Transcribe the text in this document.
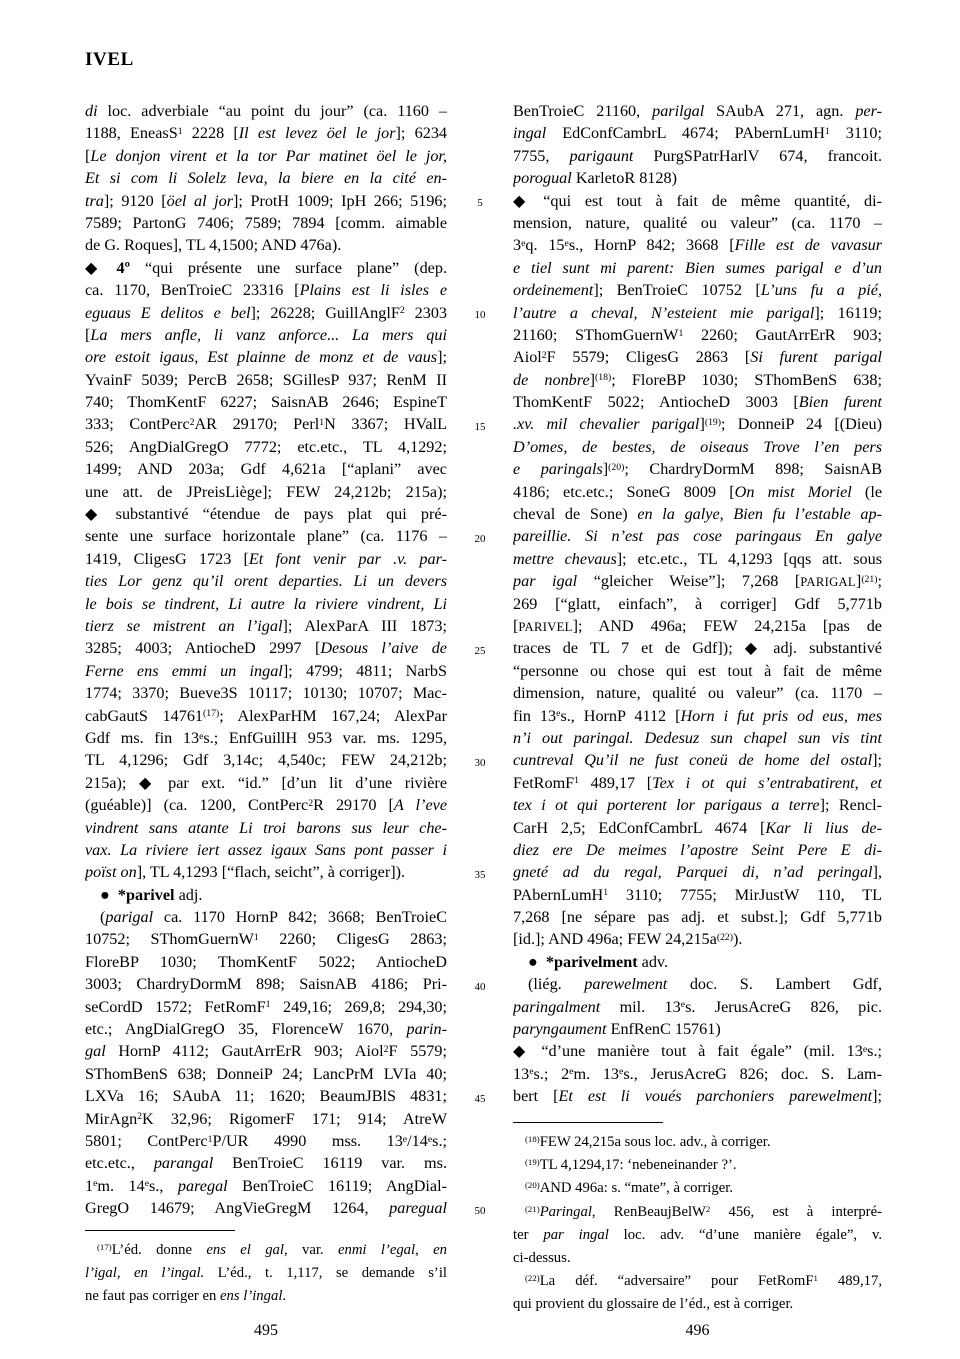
IVEL
di loc. adverbiale “au point du jour” (ca. 1160 –
1188, EneasS$^1$ 2228 [Il est levez öel le jor]; 6234
[Le donjon virent et la tor Par matinet öel le jor,
Et si com li Solelz leva, la biere en la cité en-
tra]; 9120 [öel al jor]; ProtH 1009; IpH 266; 5196;
7589; PartonG 7406; 7589; 7894 [comm. aimable
de G. Roques], TL 4,1500; AND 476a).
◆ 4º “qui présente une surface plane” (dep.
ca. 1170, BenTroieC 23316 [Plains est li isles e
eguaus E delitos e bel]; 26228; GuillAnglF$^2$ 2303
[La mers anfle, li vanz anforce... La mers qui
ore estoit igaus, Est plainne de monz et de vaus];
YvainF 5039; PercB 2658; SGillesP 937; RenM II
740; ThomKentF 6227; SaisnAB 2646; EspineT
333; ContPerc$^2$AR 29170; Perl$^1$N 3367; HValL
526; AngDialGregO 7772; etc.etc., TL 4,1292;
1499; AND 203a; Gdf 4,621a [“aplani” avec
une att. de JPreisLiège]; FEW 24,212b; 215a);
◆ substantivé “étendue de pays plat qui pré-
sente une surface horizontale plane” (ca. 1176 –
1419, CligesG 1723 [Et font venir par .v. par-
ties Lor genz qu’il orent departies. Li un devers
le bois se tindrent, Li autre la riviere vindrent, Li
tierz se mistrent an l’igal]; AlexParA III 1873;
3285; 4003; AntiocheD 2997 [Desous l’aive de
Ferne ens emmi un ingal]; 4799; 4811; NarbS
1774; 3370; Bueve3S 10117; 10130; 10707; Mac-
cabGautS 14761$^{(17)}$; AlexParHM 167,24; AlexPar
Gdf ms. fin 13es.; EnfGuillH 953 var. ms. 1295,
TL 4,1296; Gdf 3,14c; 4,540c; FEW 24,212b;
215a); ◆ par ext. “id.” [d’un lit d’une rivière
(guéable)] (ca. 1200, ContPerc$^2$R 29170 [A l’eve
vindrent sans atante Li troi barons sus leur che-
vax. La riviere iert assez igaux Sans pont passer i
poïst on], TL 4,1293 [“flach, seicht”, à corriger]).
● *parivel adj.
(parigal ca. 1170 HornP 842; 3668; BenTroieC
10752; SThomGuernW$^1$ 2260; CligesG 2863;
FloreBP 1030; ThomKentF 5022; AntiocheD
3003; ChardryDormM 898; SaisnAB 4186; Pri-
seCordD 1572; FetRomF$^1$ 249,16; 269,8; 294,30;
etc.; AngDialGregO 35, FlorenceW 1670, parin-
gal HornP 4112; GautArrErR 903; Aiol$^2$F 5579;
SThomBenS 638; DonneiP 24; LancPrM LVIa 40;
LXVa 16; SAubA 11; 1620; BeaumJBlS 4831;
MirAgn$^2$K 32,96; RigomerF 171; 914; AtreW
5801; ContPerc$^1$P/UR 4990 mss. 13e/14es.;
etc.etc., parangal BenTroieC 16119 var. ms.
1em. 14es., paregal BenTroieC 16119; AngDial-
GregO 14679; AngVieGregM 1264, paregual
5
10
15
20
25
30
35
40
45
50
BenTroieC 21160, parilgal SAubA 271, agn. per-
ingal EdConfCambrL 4674; PAbernLumH$^1$ 3110;
7755, parigaunt PurgSPatrHarlV 674, francoit.
porogual KarletoR 8128)
◆ “qui est tout à fait de même quantité, di-
mension, nature, qualité ou valeur” (ca. 1170 –
3eq. 15es., HornP 842; 3668 [Fille est de vavasur
e tiel sunt mi parent: Bien sumes parigal e d’un
ordeinement]; BenTroieC 10752 [L’uns fu a pié,
l’autre a cheval, N’esteient mie parigal]; 16119;
21160; SThomGuernW$^1$ 2260; GautArrErR 903;
Aiol$^2$F 5579; CligesG 2863 [Si furent parigal
de nonbre]$^{(18)}$; FloreBP 1030; SThomBenS 638;
ThomKentF 5022; AntiocheD 3003 [Bien furent
.xv. mil chevalier parigal]$^{(19)}$; DonneiP 24 [(Dieu)
D’omes, de bestes, de oiseaus Trove l’en pers
e paringals]$^{(20)}$; ChardryDormM 898; SaisnAB
4186; etc.etc.; SoneG 8009 [On mist Moriel (le
cheval de Sone) en la galye, Bien fu l’estable ap-
pareillie. Si n’est pas cose paringaus En galye
mettre chevaus]; etc.etc., TL 4,1293 [qqs att. sous
par igal “gleicher Weise”]; 7,268 [PARIGAL]$^{(21)}$;
269 [“glatt, einfach”, à corriger] Gdf 5,771b
[PARIVEL]; AND 496a; FEW 24,215a [pas de
traces de TL 7 et de Gdf]); ◆ adj. substantivé
“personne ou chose qui est tout à fait de même
dimension, nature, qualité ou valeur” (ca. 1170 –
fin 13es., HornP 4112 [Horn i fut pris od eus, mes
n’i out paringal. Dedesuz sun chapel sun vis tint
cuntreval Qu’il ne fust coneü de home del ostal];
FetRomF$^1$ 489,17 [Tex i ot qui s’entrabatirent, et
tex i ot qui porterent lor parigaus a terre]; Rencl-
CarH 2,5; EdConfCambrL 4674 [Kar li lius de-
diez ere De meimes l’apostre Seint Pere E di-
gneté ad du regal, Parquei di, n’ad peringal],
PAbernLumH$^1$ 3110; 7755; MirJustW 110, TL
7,268 [ne sépare pas adj. et subst.]; Gdf 5,771b
[id.]; AND 496a; FEW $24,215a^{(22)}$).
● *parivelment adv.
(liég. parewelment doc. S. Lambert Gdf,
paringalment mil. 13es. JerusAcreG 826, pic.
paryngaument EnfRenC 15761)
◆ “d’une manière tout à fait égale” (mil. 13es.;
13es.; 2em. 13es., JerusAcreG 826; doc. S. Lam-
bert [Et est li voués parchoniers parewelment];
$^{(17)}$L’éd. donne ens el gal, var. enmi l’egal, en
l’igal, en l’ingal. L’éd., t. 1,117, se demande s’il
ne faut pas corriger en ens l’ingal.
$^{(18)}$FEW 24,215a sous loc. adv., à corriger.
$^{(19)}$TL 4,1294,17: ‘nebeneinander ?’.
$^{(20)}$AND 496a: s. “mate”, à corriger.
$^{(21)}$Paringal, RenBeaujBelW$^2$ 456, est à interpré-
ter par ingal loc. adv. “d’une manière égale”, v.
ci-dessus.
$^{(22)}$La déf. “adversaire” pour FetRomF$^1$ 489,17,
qui provient du glossaire de l’éd., est à corriger.
495	496
